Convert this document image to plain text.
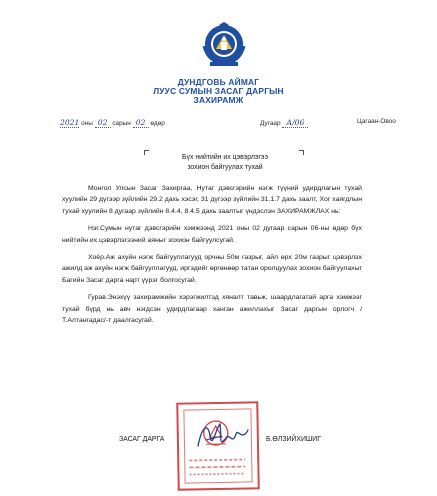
ДУНДГОВЬ АЙМАГ
ЛУУС СУМЫН ЗАСАГ ДАРГЫН
ЗАХИРАМЖ
2021 оны 02 сарын 02 өдөр	Дугаар А/06	Цагаан-Овоо
Бүх нийтийн их цэвэрлэгээ
зохион байгуулах тухай

Монгол Улсын Засаг Захиргаа, Нутаг дэвсгэрийн нэгж түүний удирдлагын тухай хуулийн 29 дүгээр зүйлийн 29.2 дахь хэсэг, 31 дүгээр зүйлийн 31.1.7 дахь заалт, Хог хаягдлын тухай хуулийн 8 дугаар зүйлийн 8.4.4, 8.4.5 дахь заалтыг үндэслэн ЗАХИРАМЖЛАХ нь:

Нэг.Сумын нутаг дэвсгэрийн хэмжээнд 2021 оны 02 дугаар сарын 06-ны өдөр бүх нийтийн их цэвэрлэгээний аяныг зохион байгуулсугай.

Хоёр.Аж ахуйн нэгж байгууллагууд орчны 50м газрыг, айл өрх 20м газрыг цэвэрлэх ажилд аж ахуйн нэгж байгууллагууд, иргэдийг өргөнөөр татан оролцуулах зохион байгуулахыг Багийн Засаг дарга нарт үүрэг болгосугай.

Гурав.Энэхүү захирамжийн хэрэгжилтэд хяналт тавьж, шаардлагатай арга хэмжээг тухай бүрд нь авч нэгдсэн удирдлагаар ханган ажиллахыг Засаг даргын орлогч /Т.Алтангадас/-т даалгасугай.

ЗАСАГ ДАРГА	Б.ӨЛЗИЙХИШИГ
